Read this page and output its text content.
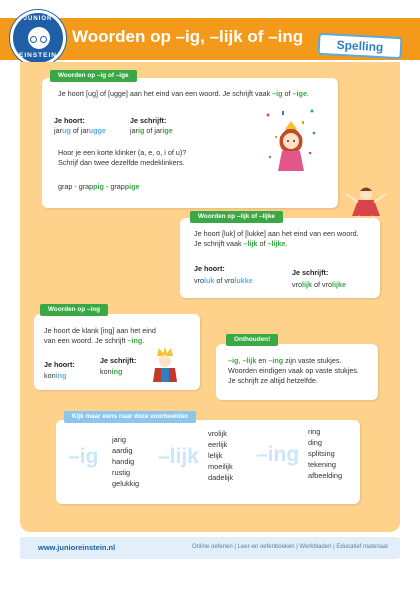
JUNIOR
EINSTEIN
Woorden op –ig, –lijk of –ing	Spelling
Je hoort [ug] of [ugge] aan het eind van een woord. Je schrijft vaak –ig of –ige.
Je hoort:
jarug of jarugge
Je schrijft:
jarig of jarige
Hoor je een korte klinker (a, e, o, i of u)?
Schrijf dan twee dezelfde medeklinkers.
grap - grappig - grappige
Woorden op –ig of –ige
Je hoort [luk] of [lukke] aan het eind van een woord.
Je schrijft vaak –lijk of –lijke.
Je hoort:
vroluk of vrolukke
Je schrijft:
vrolijk of vrolijke
Woorden op –lijk of –lijke
Je hoort de klank [ing] aan het eind
van een woord. Je schrijft –ing.
Je hoort:
koning
Je schrijft:
koning
Woorden op –ing
–ig, –lijk en –ing zijn vaste stukjes.
Woorden eindigen vaak op vaste stukjes.
Je schrijft ze altijd hetzelfde.
Onthouden!
–ig
jarig
aardig
handig
rustig
gelukkig
–lijk
vrolijk
eerlijk
lelijk
moeilijk
dadelijk
–ing
ring
ding
splitsing
tekening
afbeelding
Kijk maar eens naar deze voorbeelden
www.junioreinstein.nl	Online oefenen | Leer-en oefenboeken | Werkbladen | Educatief materiaal
